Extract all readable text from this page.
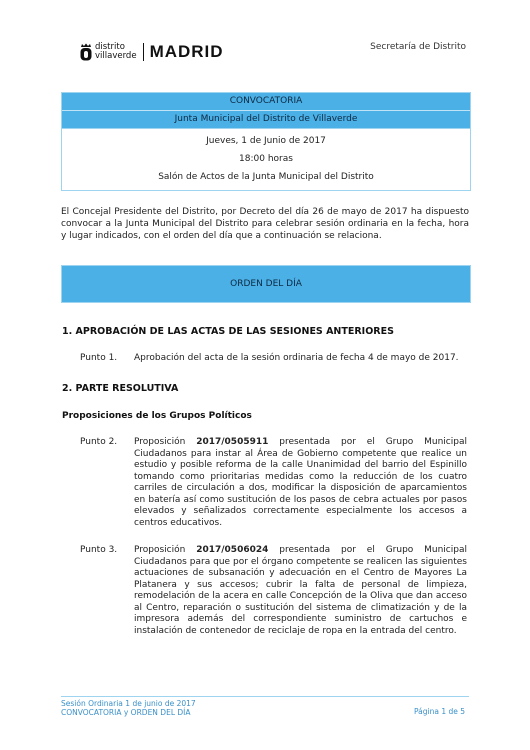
distrito
villaverde MADRID	Secretaría de Distrito
CONVOCATORIA
Junta Municipal del Distrito de Villaverde
Jueves, 1 de Junio de 2017
18:00 horas
Salón de Actos de la Junta Municipal del Distrito
El Concejal Presidente del Distrito, por Decreto del día 26 de mayo de 2017 ha dispuesto convocar a la Junta Municipal del Distrito para celebrar sesión ordinaria en la fecha, hora y lugar indicados, con el orden del día que a continuación se relaciona.
ORDEN DEL DÍA
1. APROBACIÓN DE LAS ACTAS DE LAS SESIONES ANTERIORES
Punto 1. Aprobación del acta de la sesión ordinaria de fecha 4 de mayo de 2017.
2. PARTE RESOLUTIVA
Proposiciones de los Grupos Políticos
Punto 2. Proposición 2017/0505911 presentada por el Grupo Municipal Ciudadanos para instar al Área de Gobierno competente que realice un estudio y posible reforma de la calle Unanimidad del barrio del Espinillo tomando como prioritarias medidas como la reducción de los cuatro carriles de circulación a dos, modificar la disposición de aparcamientos en batería así como sustitución de los pasos de cebra actuales por pasos elevados y señalizados correctamente especialmente los accesos a centros educativos.
Punto 3. Proposición 2017/0506024 presentada por el Grupo Municipal Ciudadanos para que por el órgano competente se realicen las siguientes actuaciones de subsanación y adecuación en el Centro de Mayores La Platanera y sus accesos; cubrir la falta de personal de limpieza, remodelación de la acera en calle Concepción de la Oliva que dan acceso al Centro, reparación o sustitución del sistema de climatización y de la impresora además del correspondiente suministro de cartuchos e instalación de contenedor de reciclaje de ropa en la entrada del centro.
Sesión Ordinaria 1 de junio de 2017
CONVOCATORIA y ORDEN DEL DÍA	Página 1 de 5
